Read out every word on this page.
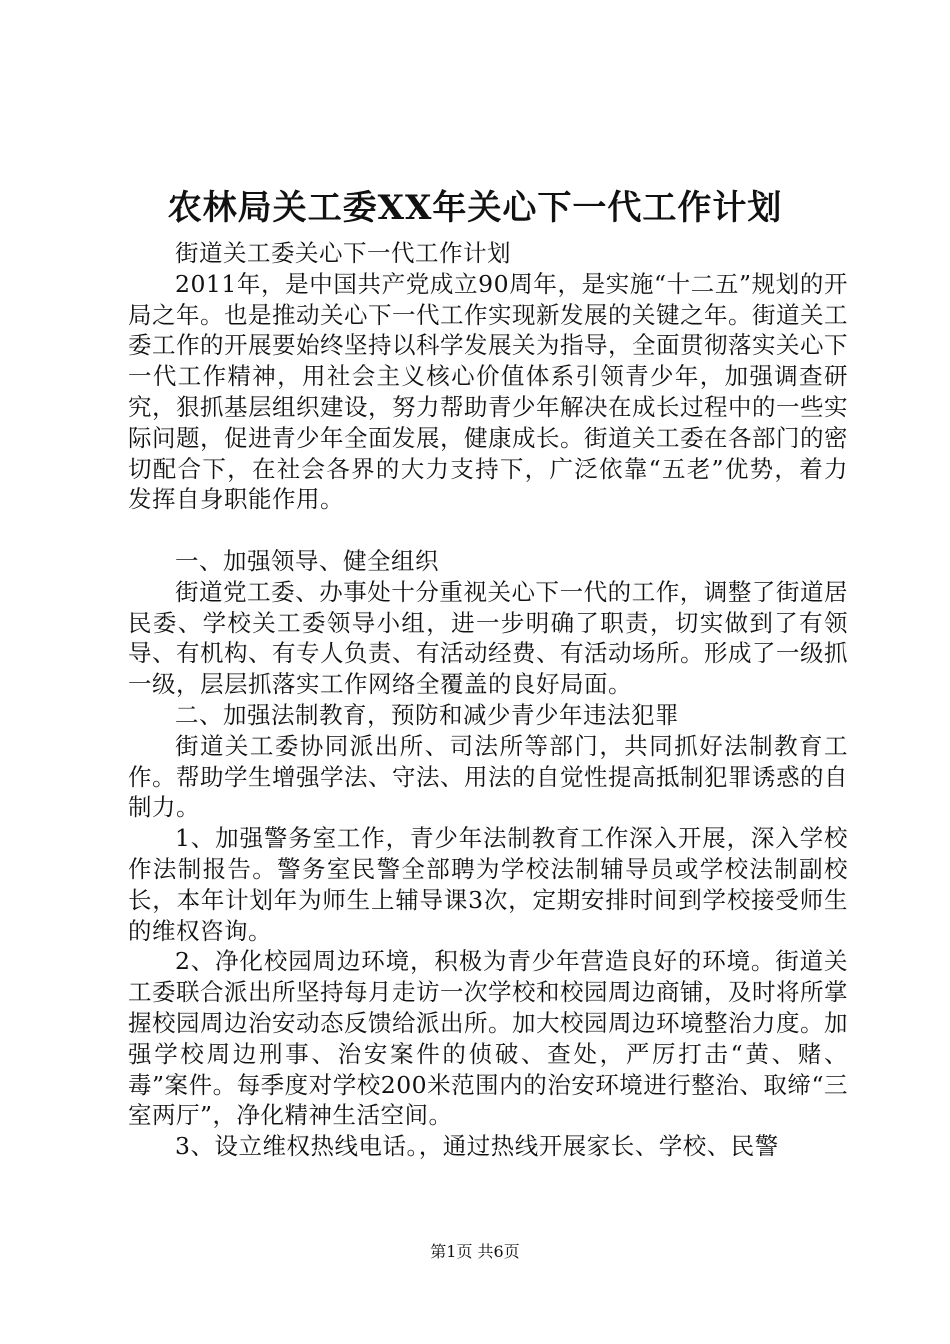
农林局关工委XX年关心下一代工作计划

街道关工委关心下一代工作计划

2011年，是中国共产党成立90周年，是实施“十二五”规划的开局之年。也是推动关心下一代工作实现新发展的关键之年。街道关工委工作的开展要始终坚持以科学发展关为指导，全面贯彻落实关心下一代工作精神，用社会主义核心价值体系引领青少年，加强调查研究，狠抓基层组织建设，努力帮助青少年解决在成长过程中的一些实际问题，促进青少年全面发展，健康成长。街道关工委在各部门的密切配合下，在社会各界的大力支持下，广泛依靠“五老”优势，着力发挥自身职能作用。

一、加强领导、健全组织

街道党工委、办事处十分重视关心下一代的工作，调整了街道居民委、学校关工委领导小组，进一步明确了职责，切实做到了有领导、有机构、有专人负责、有活动经费、有活动场所。形成了一级抓一级，层层抓落实工作网络全覆盖的良好局面。

二、加强法制教育，预防和减少青少年违法犯罪

街道关工委协同派出所、司法所等部门，共同抓好法制教育工作。帮助学生增强学法、守法、用法的自觉性提高抵制犯罪诱惑的自制力。

1、加强警务室工作，青少年法制教育工作深入开展，深入学校作法制报告。警务室民警全部聘为学校法制辅导员或学校法制副校长，本年计划年为师生上辅导课3次，定期安排时间到学校接受师生的维权咨询。

2、净化校园周边环境，积极为青少年营造良好的环境。街道关工委联合派出所坚持每月走访一次学校和校园周边商铺，及时将所掌握校园周边治安动态反馈给派出所。加大校园周边环境整治力度。加强学校周边刑事、治安案件的侦破、查处，严厉打击“黄、赌、毒”案件。每季度对学校200米范围内的治安环境进行整治、取缔“三室两厅”，净化精神生活空间。

3、设立维权热线电话。，通过热线开展家长、学校、民警

第1页 共6页
